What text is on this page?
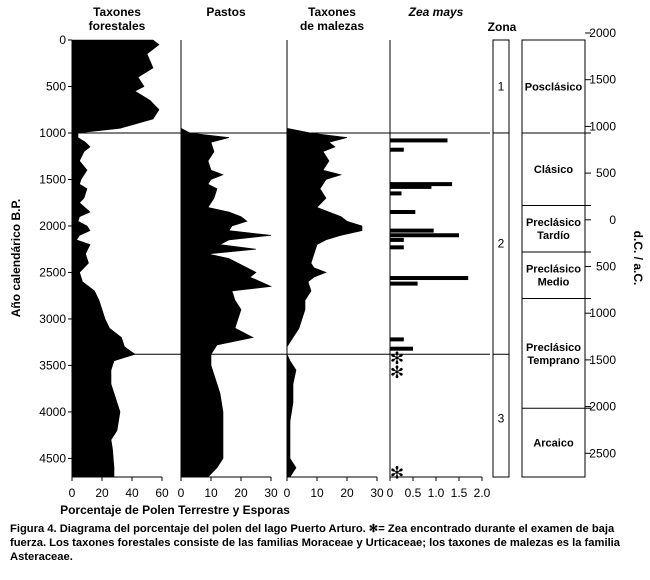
0
500
1000
1500
2000
2500
3000
3500
4000
4500
Año calendárico B.P.
Taxones
forestales
0 20 40 60
Pastos
0 10 20 30
Taxones
de malezas
0 10 20 30
Zea mays
✻
✻
✻
0 0.5 1.0 1.5 2.0
Porcentaje de Polen Terrestre y Esporas
Zona
1
2
3
Posclásico
Clásico
Preclásico
Tardío
Preclásico
Medio
Preclásico
Temprano
Arcaico
2000
1500
1000
500
0
500
1000
1500
2000
2500
d.C. / a.C.
Figura 4. Diagrama del porcentaje del polen del lago Puerto Arturo. ✻= Zea encontrado durante el examen de baja fuerza. Los taxones forestales consiste de las familias Moraceae y Urticaceae; los taxones de malezas es la familia Asteraceae.
